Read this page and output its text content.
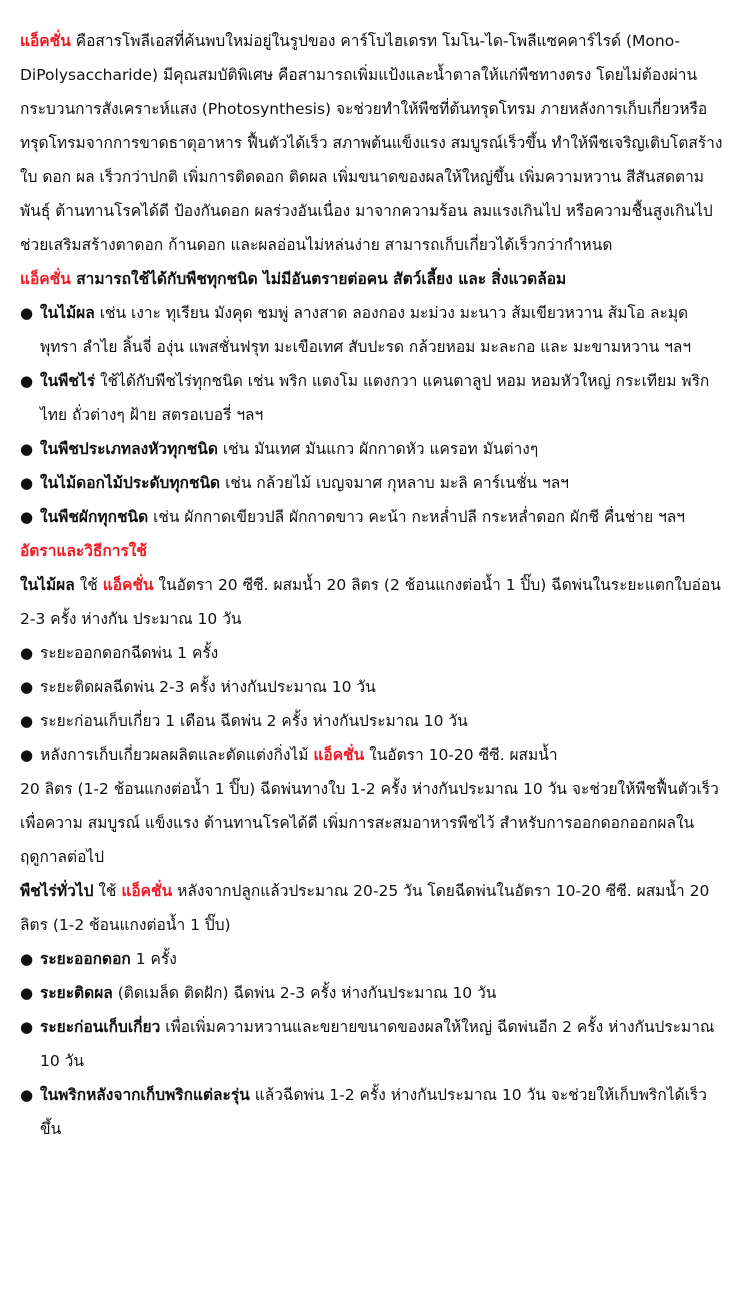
แอ็คชั่น คือสารโพลีเอสที่ค้นพบใหม่อยู่ในรูปของ คาร์โบไฮเดรท โมโน-ได-โพลีแซคคาร์ไรด์ (Mono-DiPolysaccharide) มีคุณสมบัติพิเศษ คือสามารถเพิ่มแป้งและน้ำตาลให้แก่พืชทางตรง โดยไม่ต้องผ่านกระบวนการสังเคราะห์แสง (Photosynthesis) จะช่วยทำให้พืชที่ต้นทรุดโทรม ภายหลังการเก็บเกี่ยวหรือทรุดโทรมจากการขาดธาตุอาหาร ฟื้นตัวได้เร็ว สภาพต้นแข็งแรง สมบูรณ์เร็วขึ้น ทำให้พืชเจริญเติบโตสร้างใบ ดอก ผล เร็วกว่าปกติ เพิ่มการติดดอก ติดผล เพิ่มขนาดของผลให้ใหญ่ขึ้น เพิ่มความหวาน สีสันสดตามพันธุ์ ต้านทานโรคได้ดี ป้องกันดอก ผลร่วงอันเนื่อง มาจากความร้อน ลมแรงเกินไป หรือความชื้นสูงเกินไป ช่วยเสริมสร้างตาดอก ก้านดอก และผลอ่อนไม่หล่นง่าย สามารถเก็บเกี่ยวได้เร็วกว่ากำหนด

แอ็คชั่น สามารถใช้ได้กับพืชทุกชนิด ไม่มีอันตรายต่อคน สัตว์เลี้ยง และ สิ่งแวดล้อม

● ในไม้ผล เช่น เงาะ ทุเรียน มังคุด ชมพู่ ลางสาด ลองกอง มะม่วง มะนาว ส้มเขียวหวาน ส้มโอ ละมุด พุทรา ลำไย ลิ้นจี่ องุ่น แพสชั่นฟรุท มะเขือเทศ สับปะรด กล้วยหอม มะละกอ และ มะขามหวาน ฯลฯ
● ในพืชไร่ ใช้ได้กับพืชไร่ทุกชนิด เช่น พริก แตงโม แตงกวา แคนตาลูป หอม หอมหัวใหญ่ กระเทียม พริกไทย ถั่วต่างๆ ฝ้าย สตรอเบอรี่ ฯลฯ
● ในพืชประเภทลงหัวทุกชนิด เช่น มันเทศ มันแกว ผักกาดหัว แครอท มันต่างๆ
● ในไม้ดอกไม้ประดับทุกชนิด เช่น กล้วยไม้ เบญจมาศ กุหลาบ มะลิ คาร์เนชั่น ฯลฯ
● ในพืชผักทุกชนิด เช่น ผักกาดเขียวปลี ผักกาดขาว คะน้า กะหล่ำปลี กระหล่ำดอก ผักชี คื่นช่าย ฯลฯ

อัตราและวิธีการใช้

ในไม้ผล ใช้ แอ็คชั่น ในอัตรา 20 ซีซี. ผสมน้ำ 20 ลิตร (2 ช้อนแกงต่อน้ำ 1 ปิ๊บ) ฉีดพ่นในระยะแตกใบอ่อน 2-3 ครั้ง ห่างกัน ประมาณ 10 วัน

● ระยะออกดอกฉีดพ่น 1 ครั้ง
● ระยะติดผลฉีดพ่น 2-3 ครั้ง ห่างกันประมาณ 10 วัน
● ระยะก่อนเก็บเกี่ยว 1 เดือน ฉีดพ่น 2 ครั้ง ห่างกันประมาณ 10 วัน
● หลังการเก็บเกี่ยวผลผลิตและตัดแต่งกิ่งไม้ แอ็คชั่น ในอัตรา 10-20 ซีซี. ผสมน้ำ

20 ลิตร (1-2 ช้อนแกงต่อน้ำ 1 ปิ๊บ) ฉีดพ่นทางใบ 1-2 ครั้ง ห่างกันประมาณ 10 วัน จะช่วยให้พืชฟื้นตัวเร็ว เพื่อความ สมบูรณ์ แข็งแรง ต้านทานโรคได้ดี เพิ่มการสะสมอาหารพืชไว้ สำหรับการออกดอกออกผลในฤดูกาลต่อไป

พืชไร่ทั่วไป ใช้ แอ็คชั่น หลังจากปลูกแล้วประมาณ 20-25 วัน โดยฉีดพ่นในอัตรา 10-20 ซีซี. ผสมน้ำ 20 ลิตร (1-2 ช้อนแกงต่อน้ำ 1 ปิ๊บ)

● ระยะออกดอก 1 ครั้ง
● ระยะติดผล (ติดเมล็ด ติดฝัก) ฉีดพ่น 2-3 ครั้ง ห่างกันประมาณ 10 วัน
● ระยะก่อนเก็บเกี่ยว เพื่อเพิ่มความหวานและขยายขนาดของผลให้ใหญ่ ฉีดพ่นอีก 2 ครั้ง ห่างกันประมาณ 10 วัน
● ในพริกหลังจากเก็บพริกแต่ละรุ่น แล้วฉีดพ่น 1-2 ครั้ง ห่างกันประมาณ 10 วัน จะช่วยให้เก็บพริกได้เร็วขึ้น
